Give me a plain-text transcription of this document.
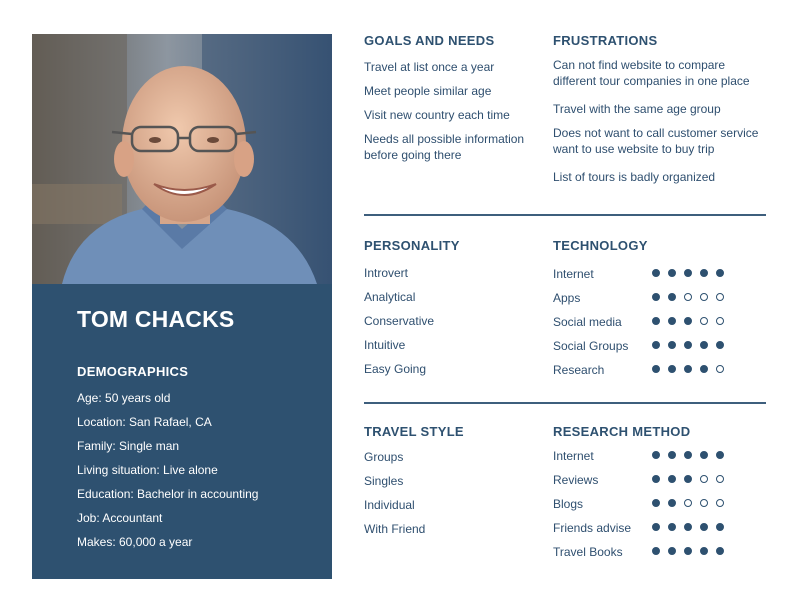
TOM CHACKS
DEMOGRAPHICS
Age: 50 years old
Location: San Rafael, CA
Family: Single man
Living situation: Live alone
Education: Bachelor in accounting
Job: Accountant
Makes: 60,000 a year
GOALS AND NEEDS
Travel at list once a year
Meet people similar age
Visit new country each time
Needs all possible information before going there
FRUSTRATIONS
Can not find website to compare different tour companies in one place
Travel with the same age group
Does not want to call customer service want to use website to buy trip
List of tours is badly organized
PERSONALITY
Introvert
Analytical
Conservative
Intuitive
Easy Going
TECHNOLOGY
Internet
Apps
Social media
Social Groups
Research
TRAVEL STYLE
Groups
Singles
Individual
With Friend
RESEARCH METHOD
Internet
Reviews
Blogs
Friends advise
Travel Books
